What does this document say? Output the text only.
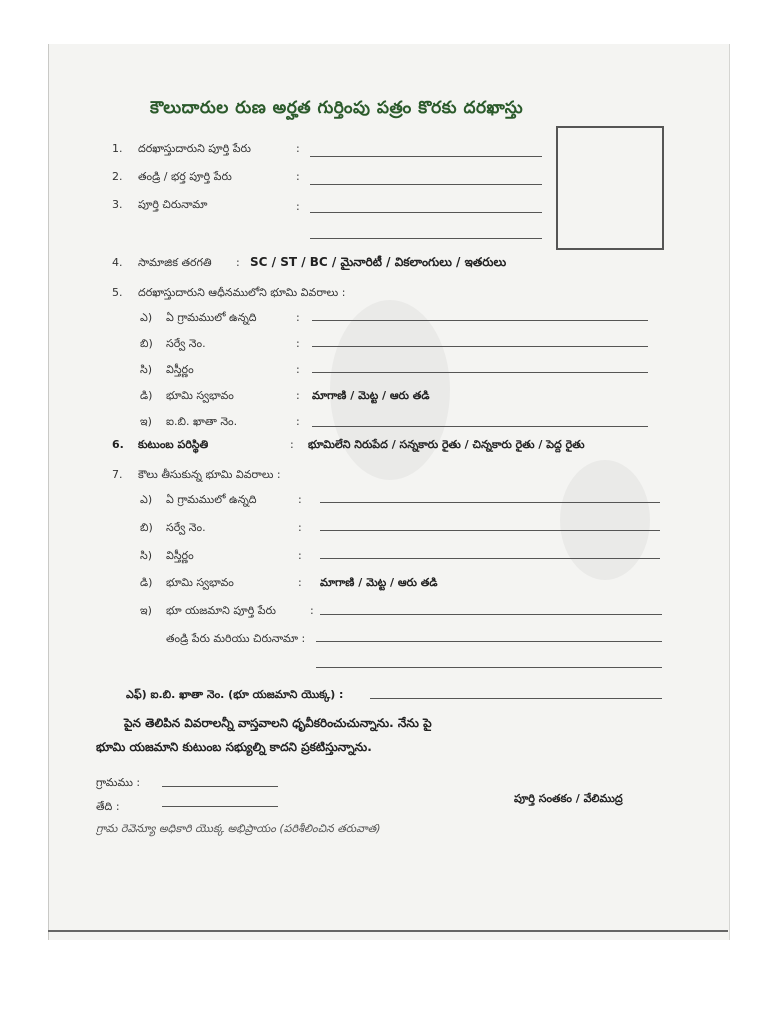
కౌలుదారుల రుణ అర్హత గుర్తింపు పత్రం కొరకు దరఖాస్తు
1. దరఖాస్తుదారుని పూర్తి పేరు	:
2. తండ్రి / భర్త పూర్తి పేరు	:
3. పూర్తి చిరునామా	:
4. సామాజిక తరగతి : SC / ST / BC / మైనారిటీ / వికలాంగులు / ఇతరులు
5. దరఖాస్తుదారుని ఆధీనములోని భూమి వివరాలు :
ఎ) ఏ గ్రామములో ఉన్నది	:
బి) సర్వే నెం.	:
సి) విస్తీర్ణం	:
డి) భూమి స్వభావం	: మాగాణి / మెట్ట / ఆరు తడి
ఇ) ఐ.బి. ఖాతా నెం.	:
6. కుటుంబ పరిస్థితి	: భూమిలేని నిరుపేద / సన్నకారు రైతు / చిన్నకారు రైతు / పెద్ద రైతు
7. కౌలు తీసుకున్న భూమి వివరాలు :
ఎ) ఏ గ్రామములో ఉన్నది	:
బి) సర్వే నెం.	:
సి) విస్తీర్ణం	:
డి) భూమి స్వభావం	: మాగాణి / మెట్ట / ఆరు తడి
ఇ) భూ యజమాని పూర్తి పేరు	:
తండ్రి పేరు మరియు చిరునామా :
ఎఫ్) ఐ.బి. ఖాతా నెం. (భూ యజమాని యొక్క) :
పైన తెలిపిన వివరాలన్నీ వాస్తవాలని ధృవీకరించుచున్నాను. నేను పై
భూమి యజమాని కుటుంబ సభ్యుల్ని కాదని ప్రకటిస్తున్నాను.
గ్రామము :
తేది :
పూర్తి సంతకం / వేలిముద్ర
గ్రామ రెవెన్యూ అధికారి యొక్క అభిప్రాయం (పరిశీలించిన తరువాత)
